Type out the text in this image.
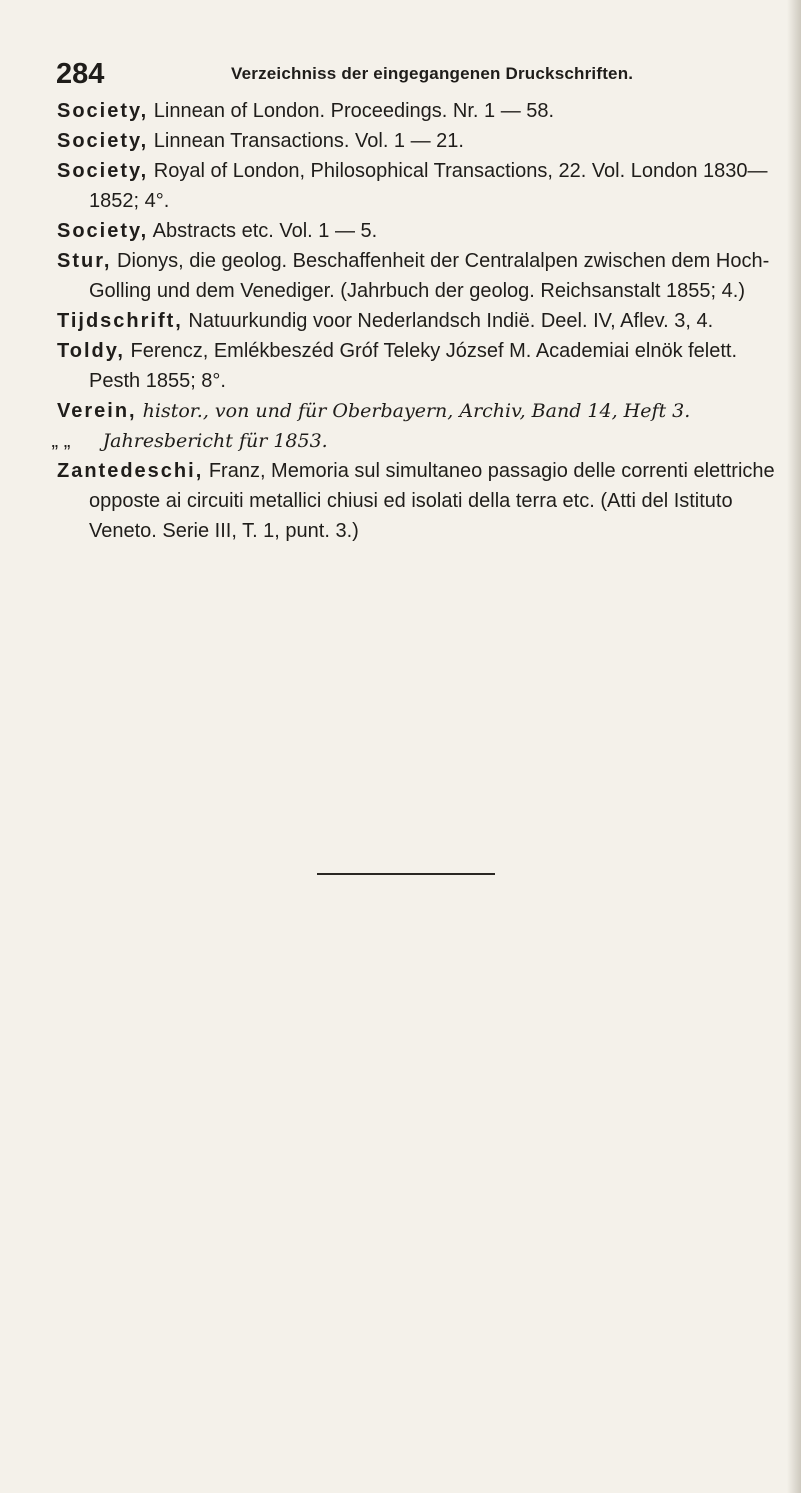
284	Verzeichniss der eingegangenen Druckschriften.

Society, Linnean of London. Proceedings. Nr. 1 — 58.

Society, Linnean Transactions. Vol. 1 — 21.

Society, Royal of London, Philosophical Transactions, 22. Vol. London 1830—1852; 4°.

Society, Abstracts etc. Vol. 1 — 5.

Stur, Dionys, die geolog. Beschaffenheit der Centralalpen zwischen dem Hoch-Golling und dem Venediger. (Jahrbuch der geolog. Reichsanstalt 1855; 4.)

Tijdschrift, Natuurkundig voor Nederlandsch Indië. Deel. IV, Aflev. 3, 4.

Toldy, Ferencz, Emlékbeszéd Gróf Teleky József M. Academiai elnök felett. Pesth 1855; 8°.

Verein, histor., von und für Oberbayern, Archiv, Band 14, Heft 3.

„ „ Jahresbericht für 1853.

Zantedeschi, Franz, Memoria sul simultaneo passagio delle correnti elettriche opposte ai circuiti metallici chiusi ed isolati della terra etc. (Atti del Istituto Veneto. Serie III, T. 1, punt. 3.)
